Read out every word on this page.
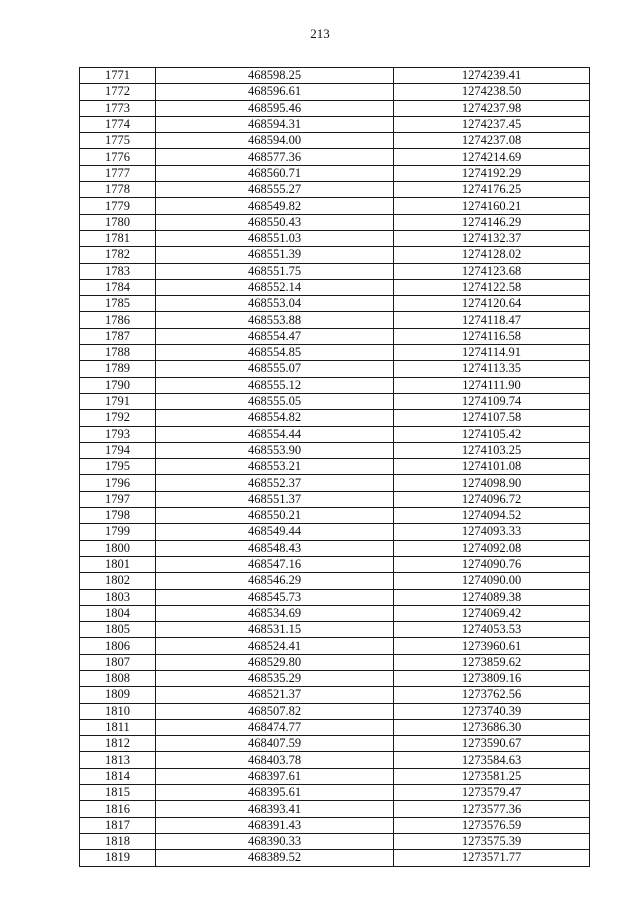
213
1771	468598.25	1274239.41
1772	468596.61	1274238.50
1773	468595.46	1274237.98
1774	468594.31	1274237.45
1775	468594.00	1274237.08
1776	468577.36	1274214.69
1777	468560.71	1274192.29
1778	468555.27	1274176.25
1779	468549.82	1274160.21
1780	468550.43	1274146.29
1781	468551.03	1274132.37
1782	468551.39	1274128.02
1783	468551.75	1274123.68
1784	468552.14	1274122.58
1785	468553.04	1274120.64
1786	468553.88	1274118.47
1787	468554.47	1274116.58
1788	468554.85	1274114.91
1789	468555.07	1274113.35
1790	468555.12	1274111.90
1791	468555.05	1274109.74
1792	468554.82	1274107.58
1793	468554.44	1274105.42
1794	468553.90	1274103.25
1795	468553.21	1274101.08
1796	468552.37	1274098.90
1797	468551.37	1274096.72
1798	468550.21	1274094.52
1799	468549.44	1274093.33
1800	468548.43	1274092.08
1801	468547.16	1274090.76
1802	468546.29	1274090.00
1803	468545.73	1274089.38
1804	468534.69	1274069.42
1805	468531.15	1274053.53
1806	468524.41	1273960.61
1807	468529.80	1273859.62
1808	468535.29	1273809.16
1809	468521.37	1273762.56
1810	468507.82	1273740.39
1811	468474.77	1273686.30
1812	468407.59	1273590.67
1813	468403.78	1273584.63
1814	468397.61	1273581.25
1815	468395.61	1273579.47
1816	468393.41	1273577.36
1817	468391.43	1273576.59
1818	468390.33	1273575.39
1819	468389.52	1273571.77
